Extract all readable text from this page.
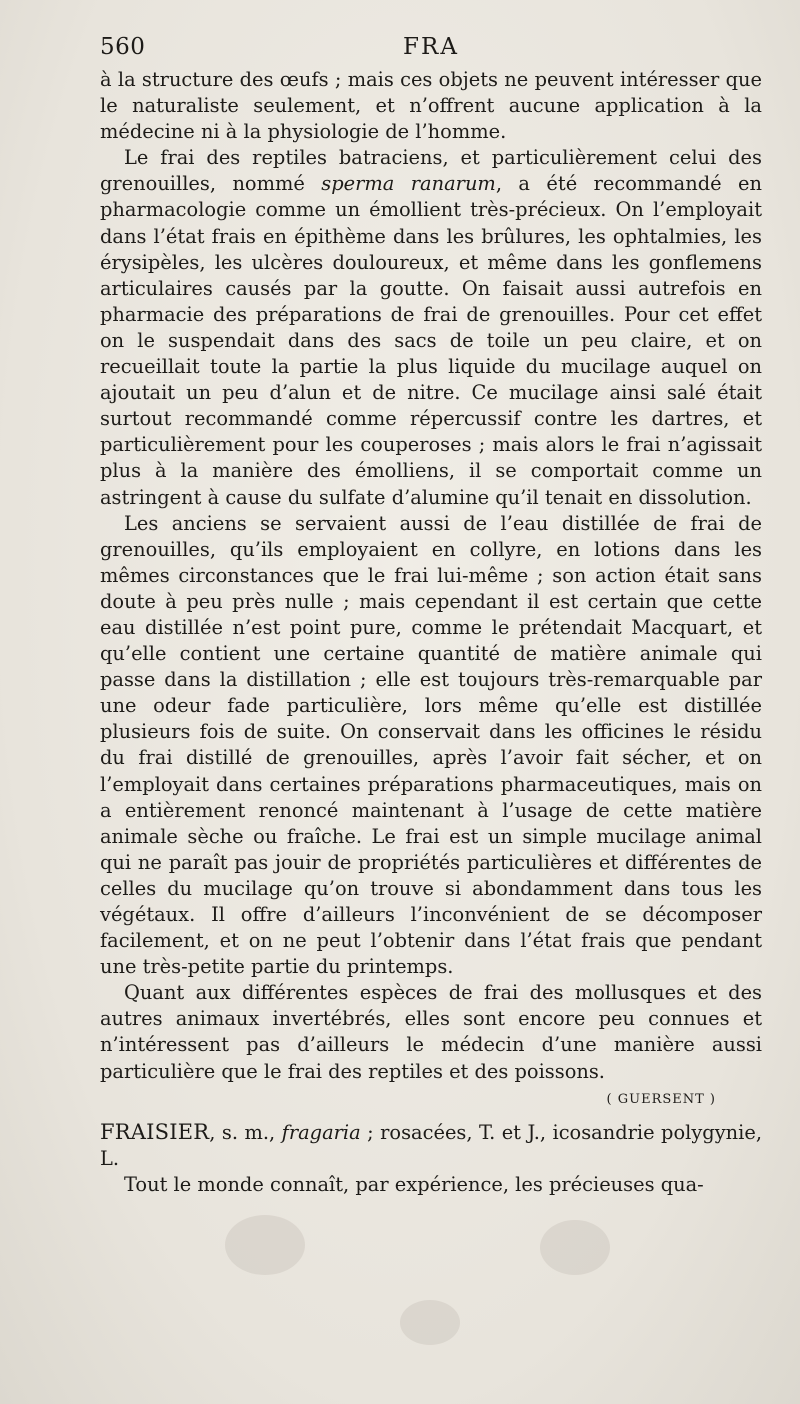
560	FRA

à la structure des œufs ; mais ces objets ne peuvent intéresser que le naturaliste seulement, et n’offrent aucune application à la médecine ni à la physiologie de l’homme.

Le frai des reptiles batraciens, et particulièrement celui des grenouilles, nommé sperma ranarum, a été recommandé en pharmacologie comme un émollient très-précieux. On l’employait dans l’état frais en épithème dans les brûlures, les ophtalmies, les érysipèles, les ulcères douloureux, et même dans les gonflemens articulaires causés par la goutte. On faisait aussi autrefois en pharmacie des préparations de frai de grenouilles. Pour cet effet on le suspendait dans des sacs de toile un peu claire, et on recueillait toute la partie la plus liquide du mucilage auquel on ajoutait un peu d’alun et de nitre. Ce mucilage ainsi salé était surtout recommandé comme répercussif contre les dartres, et particulièrement pour les couperoses ; mais alors le frai n’agissait plus à la manière des émolliens, il se comportait comme un astringent à cause du sulfate d’alumine qu’il tenait en dissolution.

Les anciens se servaient aussi de l’eau distillée de frai de grenouilles, qu’ils employaient en collyre, en lotions dans les mêmes circonstances que le frai lui-même ; son action était sans doute à peu près nulle ; mais cependant il est certain que cette eau distillée n’est point pure, comme le prétendait Macquart, et qu’elle contient une certaine quantité de matière animale qui passe dans la distillation ; elle est toujours très-remarquable par une odeur fade particulière, lors même qu’elle est distillée plusieurs fois de suite. On conservait dans les officines le résidu du frai distillé de grenouilles, après l’avoir fait sécher, et on l’employait dans certaines préparations pharmaceutiques, mais on a entièrement renoncé maintenant à l’usage de cette matière animale sèche ou fraîche. Le frai est un simple mucilage animal qui ne paraît pas jouir de propriétés particulières et différentes de celles du mucilage qu’on trouve si abondamment dans tous les végétaux. Il offre d’ailleurs l’inconvénient de se décomposer facilement, et on ne peut l’obtenir dans l’état frais que pendant une très-petite partie du printemps.

Quant aux différentes espèces de frai des mollusques et des autres animaux invertébrés, elles sont encore peu connues et n’intéressent pas d’ailleurs le médecin d’une manière aussi particulière que le frai des reptiles et des poissons.

( GUERSENT )

FRAISIER, s. m., fragaria ; rosacées, T. et J., icosandrie polygynie, L.

Tout le monde connaît, par expérience, les précieuses qua-
